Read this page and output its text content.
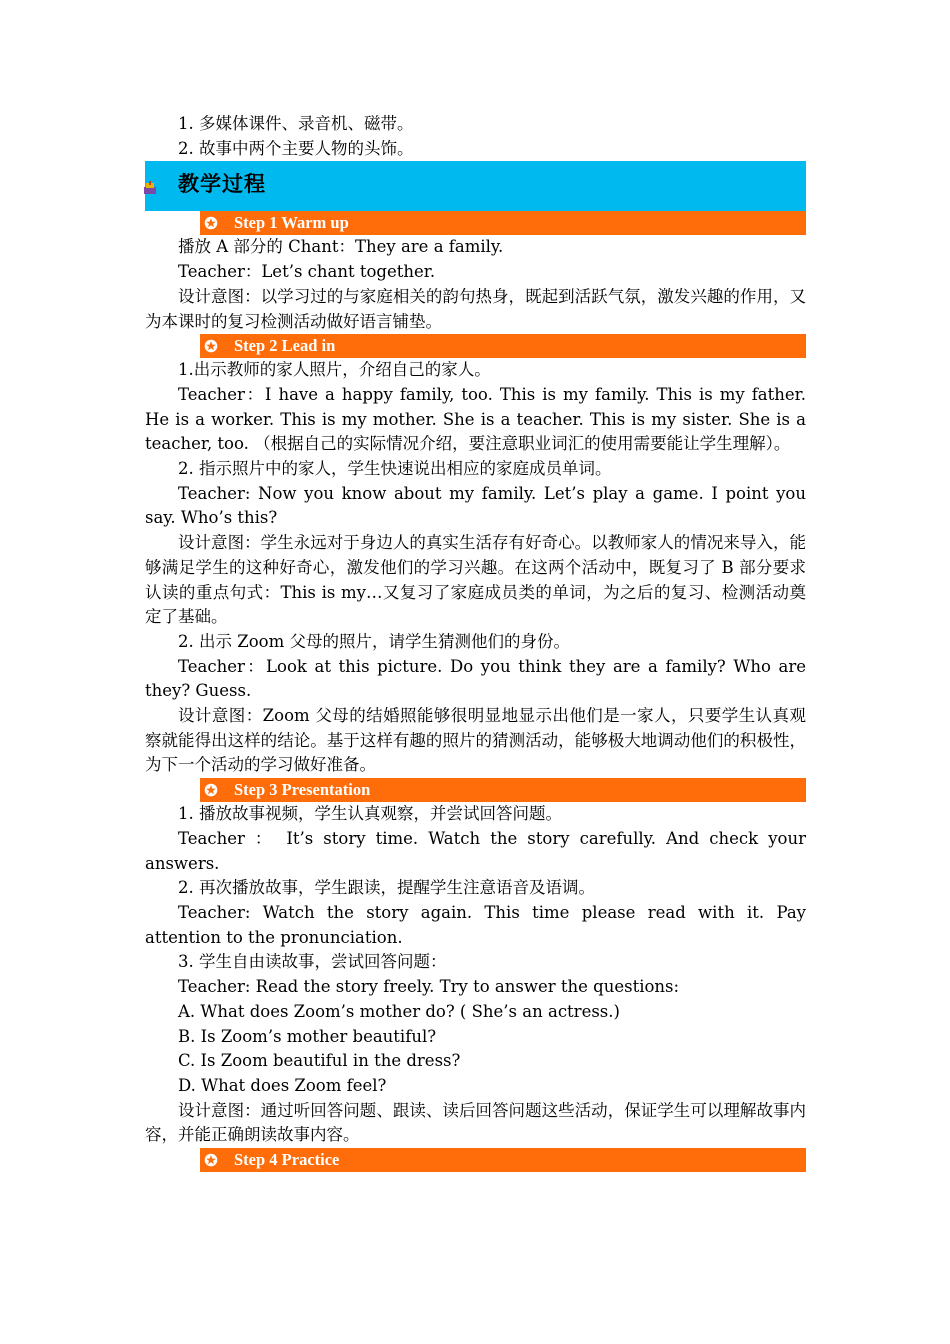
1. 多媒体课件、录音机、磁带。

2. 故事中两个主要人物的头饰。

教学过程
Step 1 Warm up

播放 A 部分的 Chant：They are a family.

Teacher：Let’s chant together.

设计意图：以学习过的与家庭相关的韵句热身，既起到活跃气氛，激发兴趣的作用，又为本课时的复习检测活动做好语言铺垫。

Step 2 Lead in

1.出示教师的家人照片，介绍自己的家人。

Teacher：I have a happy family, too. This is my family. This is my father. He is a worker. This is my mother. She is a teacher. This is my sister. She is a teacher, too. （根据自己的实际情况介绍，要注意职业词汇的使用需要能让学生理解）。

2. 指示照片中的家人，学生快速说出相应的家庭成员单词。

Teacher: Now you know about my family. Let’s play a game. I point you say. Who’s this?

设计意图：学生永远对于身边人的真实生活存有好奇心。以教师家人的情况来导入，能够满足学生的这种好奇心，激发他们的学习兴趣。在这两个活动中，既复习了 B 部分要求认读的重点句式：This is my…又复习了家庭成员类的单词，为之后的复习、检测活动奠定了基础。

2. 出示 Zoom 父母的照片，请学生猜测他们的身份。

Teacher：Look at this picture. Do you think they are a family? Who are they? Guess.

设计意图：Zoom 父母的结婚照能够很明显地显示出他们是一家人，只要学生认真观察就能得出这样的结论。基于这样有趣的照片的猜测活动，能够极大地调动他们的积极性，为下一个活动的学习做好准备。

Step 3 Presentation

1. 播放故事视频，学生认真观察，并尝试回答问题。

Teacher ： It’s story time. Watch the story carefully. And check your answers.

2. 再次播放故事，学生跟读，提醒学生注意语音及语调。

Teacher: Watch the story again. This time please read with it. Pay attention to the pronunciation.

3. 学生自由读故事，尝试回答问题：

Teacher: Read the story freely. Try to answer the questions:

A. What does Zoom’s mother do? ( She’s an actress.)

B. Is Zoom’s mother beautiful?

C. Is Zoom beautiful in the dress?

D. What does Zoom feel?

设计意图：通过听回答问题、跟读、读后回答问题这些活动，保证学生可以理解故事内容，并能正确朗读故事内容。

Step 4 Practice
